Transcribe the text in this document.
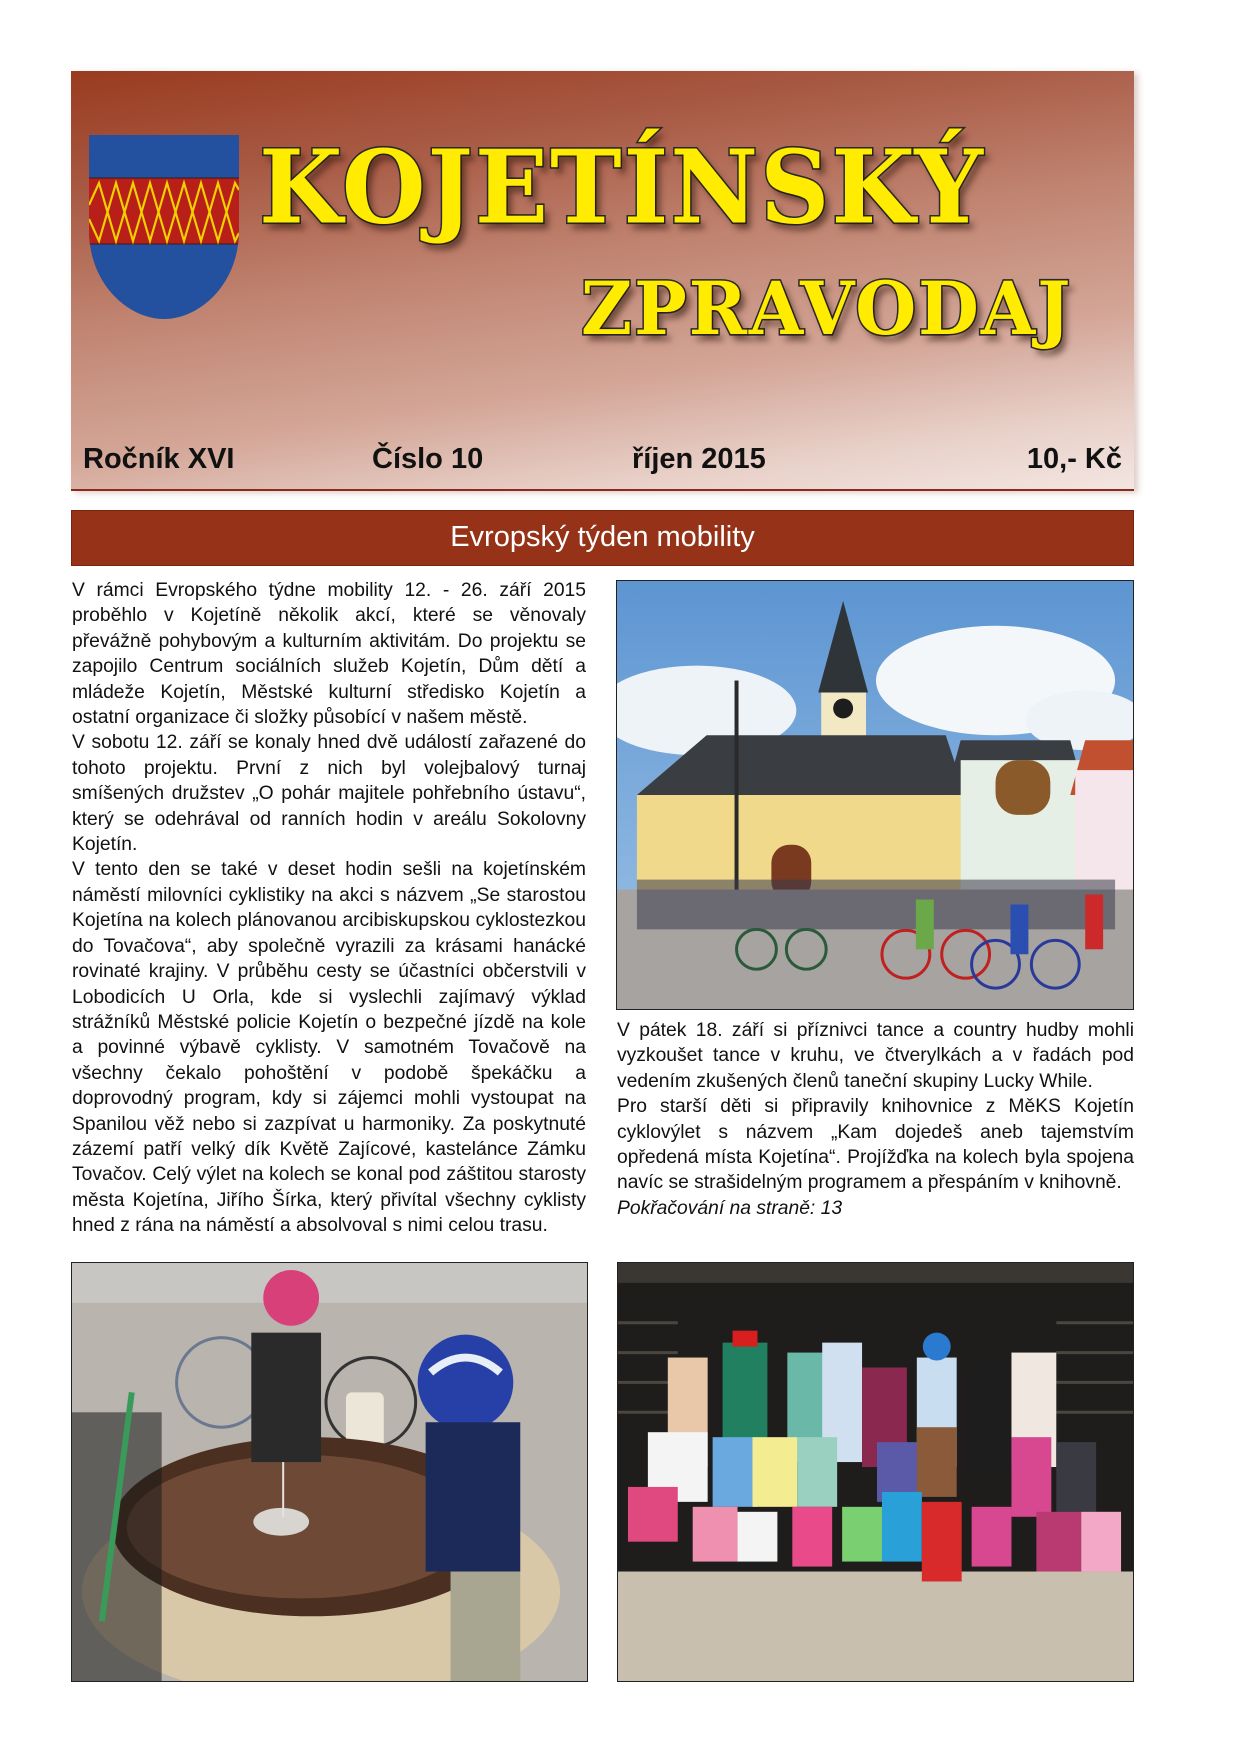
KOJETÍNSKÝ
ZPRAVODAJ
Ročník XVI	Číslo 10	říjen 2015	10,- Kč
Evropský týden mobility

V rámci Evropského týdne mobility 12. - 26. září 2015 proběhlo v Kojetíně několik akcí, které se věnovaly převážně pohybovým a kulturním aktivitám. Do projektu se zapojilo Centrum sociálních služeb Kojetín, Dům dětí a mládeže Kojetín, Městské kulturní středisko Kojetín a ostatní organizace či složky působící v našem městě.

V sobotu 12. září se konaly hned dvě událostí zařazené do tohoto projektu. První z nich byl volejbalový turnaj smíšených družstev „O pohár majitele pohřebního ústavu“, který se odehrával od ranních hodin v areálu Sokolovny Kojetín.

V tento den se také v deset hodin sešli na kojetínském náměstí milovníci cyklistiky na akci s názvem „Se starostou Kojetína na kolech plánovanou arcibiskupskou cyklostezkou do Tovačova“, aby společně vyrazili za krásami hanácké rovinaté krajiny. V průběhu cesty se účastníci občerstvili v Lobodicích U Orla, kde si vyslechli zajímavý výklad strážníků Městské policie Kojetín o bezpečné jízdě na kole a povinné výbavě cyklisty. V samotném Tovačově na všechny čekalo pohoštění v podobě špekáčku a doprovodný program, kdy si zájemci mohli vystoupat na Spanilou věž nebo si zazpívat u harmoniky. Za poskytnuté zázemí patří velký dík Květě Zajícové, kastelánce Zámku Tovačov. Celý výlet na kolech se konal pod záštitou starosty města Kojetína, Jiřího Šírka, který přivítal všechny cyklisty hned z rána na náměstí a absolvoval s nimi celou trasu.

V pátek 18. září si příznivci tance a country hudby mohli vyzkoušet tance v kruhu, ve čtverylkách a v řadách pod vedením zkušených členů taneční skupiny Lucky While.

Pro starší děti si připravily knihovnice z MěKS Kojetín cyklovýlet s názvem „Kam dojedeš aneb tajemstvím opředená místa Kojetína“. Projížďka na kolech byla spojena navíc se strašidelným programem a přespáním v knihovně.

Pokřačování na straně: 13
